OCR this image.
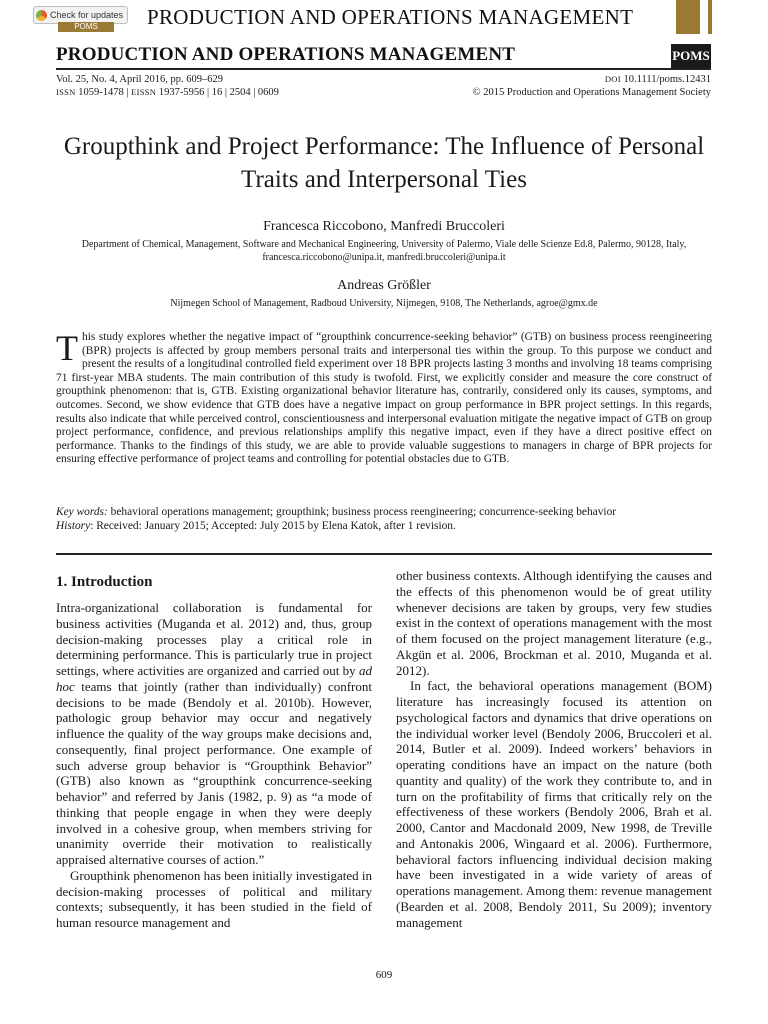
Check for updates
POMS	PRODUCTION AND OPERATIONS MANAGEMENT
PRODUCTION AND OPERATIONS MANAGEMENT	POMS
Vol. 25, No. 4, April 2016, pp. 609–629
ISSN 1059-1478 | EISSN 1937-5956 | 16 | 2504 | 0609
DOI 10.1111/poms.12431
© 2015 Production and Operations Management Society
Groupthink and Project Performance: The Influence of Personal Traits and Interpersonal Ties
Francesca Riccobono, Manfredi Bruccoleri
Department of Chemical, Management, Software and Mechanical Engineering, University of Palermo, Viale delle Scienze Ed.8, Palermo, 90128, Italy, francesca.riccobono@unipa.it, manfredi.bruccoleri@unipa.it
Andreas Größler
Nijmegen School of Management, Radboud University, Nijmegen, 9108, The Netherlands, agroe@gmx.de
This study explores whether the negative impact of “groupthink concurrence-seeking behavior” (GTB) on business process reengineering (BPR) projects is affected by group members personal traits and interpersonal ties within the group. To this purpose we conduct and present the results of a longitudinal controlled field experiment over 18 BPR projects lasting 3 months and involving 18 teams comprising 71 first-year MBA students. The main contribution of this study is twofold. First, we explicitly consider and measure the core construct of groupthink phenomenon: that is, GTB. Existing organizational behavior literature has, contrarily, considered only its causes, symptoms, and outcomes. Second, we show evidence that GTB does have a negative impact on group performance in BPR project settings. In this regards, results also indicate that while perceived control, conscientiousness and interpersonal evaluation mitigate the negative impact of GTB on group project performance, confidence, and previous relationships amplify this negative impact, even if they have a direct positive effect on performance. Thanks to the findings of this study, we are able to provide valuable suggestions to managers in charge of BPR projects for ensuring effective performance of project teams and controlling for potential obstacles due to GTB.
Key words: behavioral operations management; groupthink; business process reengineering; concurrence-seeking behavior
History: Received: January 2015; Accepted: July 2015 by Elena Katok, after 1 revision.
1. Introduction

Intra-organizational collaboration is fundamental for business activities (Muganda et al. 2012) and, thus, group decision-making processes play a critical role in determining performance. This is particularly true in project settings, where activities are organized and carried out by ad hoc teams that jointly (rather than individually) confront decisions to be made (Bendoly et al. 2010b). However, pathologic group behavior may occur and negatively influence the quality of the way groups make decisions and, consequently, final project performance. One example of such adverse group behavior is “Groupthink Behavior” (GTB) also known as “groupthink concurrence-seeking behavior” and referred by Janis (1982, p. 9) as “a mode of thinking that people engage in when they were deeply involved in a cohesive group, when members striving for unanimity override their motivation to realistically appraised alternative courses of action.”

Groupthink phenomenon has been initially investigated in decision-making processes of political and military contexts; subsequently, it has been studied in the field of human resource management and

other business contexts. Although identifying the causes and the effects of this phenomenon would be of great utility whenever decisions are taken by groups, very few studies exist in the context of operations management with the most of them focused on the project management literature (e.g., Akgün et al. 2006, Brockman et al. 2010, Muganda et al. 2012).

In fact, the behavioral operations management (BOM) literature has increasingly focused its attention on psychological factors and dynamics that drive operations on the individual worker level (Bendoly 2006, Bruccoleri et al. 2014, Butler et al. 2009). Indeed workers’ behaviors in operating conditions have an impact on the nature (both quantity and quality) of the work they contribute to, and in turn on the profitability of firms that critically rely on the effectiveness of these workers (Bendoly 2006, Brah et al. 2000, Cantor and Macdonald 2009, New 1998, de Treville and Antonakis 2006, Wingaard et al. 2006). Furthermore, behavioral factors influencing individual decision making have been investigated in a wide variety of areas of operations management. Among them: revenue management (Bearden et al. 2008, Bendoly 2011, Su 2009); inventory management

609
